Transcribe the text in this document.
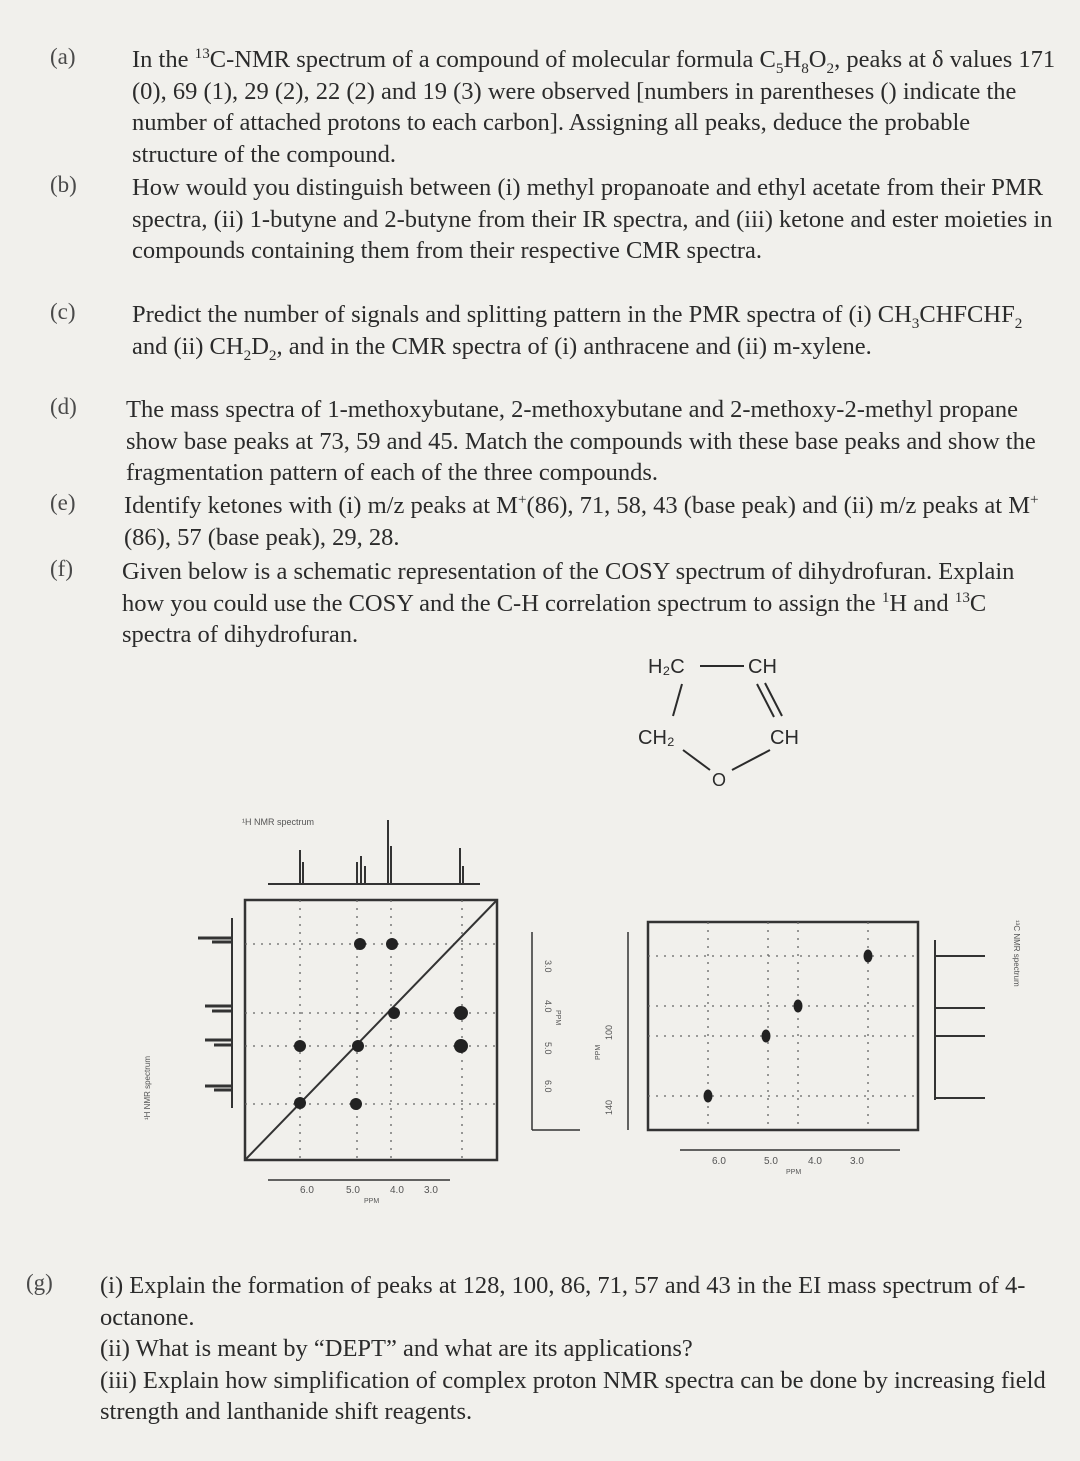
(a) In the $^{13}$C-NMR spectrum of a compound of molecular formula $C_5H_8O_2$, peaks at δ values 171 (0), 69 (1), 29 (2), 22 (2) and 19 (3) were observed [numbers in parentheses () indicate the number of attached protons to each carbon]. Assigning all peaks, deduce the probable structure of the compound.
(b) How would you distinguish between (i) methyl propanoate and ethyl acetate from their PMR spectra, (ii) 1-butyne and 2-butyne from their IR spectra, and (iii) ketone and ester moieties in compounds containing them from their respective CMR spectra.
(c) Predict the number of signals and splitting pattern in the PMR spectra of (i) $CH_3CHFCHF_2$ and (ii) $CH_2D_2$, and in the CMR spectra of (i) anthracene and (ii) m-xylene.
(d) The mass spectra of 1-methoxybutane, 2-methoxybutane and 2-methoxy-2-methyl propane show base peaks at 73, 59 and 45. Match the compounds with these base peaks and show the fragmentation pattern of each of the three compounds.
(e) Identify ketones with (i) m/z peaks at M+(86), 71, 58, 43 (base peak) and (ii) m/z peaks at M+(86), 57 (base peak), 29, 28.
(f) Given below is a schematic representation of the COSY spectrum of dihydrofuran. Explain how you could use the COSY and the C-H correlation spectrum to assign the $^1$H and $^{13}$C spectra of dihydrofuran.
H₂C	CH
CH₂	CH
O
¹H NMR spectrum
¹H NMR spectrum
6.0	5.0	4.0 3.0
PPM
3.0
4.0
5.0
6.0
PPM
140
100
PPM
¹³C NMR spectrum
6.0	5.0	4.0	3.0
PPM
(g) (i) Explain the formation of peaks at 128, 100, 86, 71, 57 and 43 in the EI mass spectrum of 4-octanone.

(ii) What is meant by “DEPT” and what are its applications?

(iii) Explain how simplification of complex proton NMR spectra can be done by increasing field strength and lanthanide shift reagents.
